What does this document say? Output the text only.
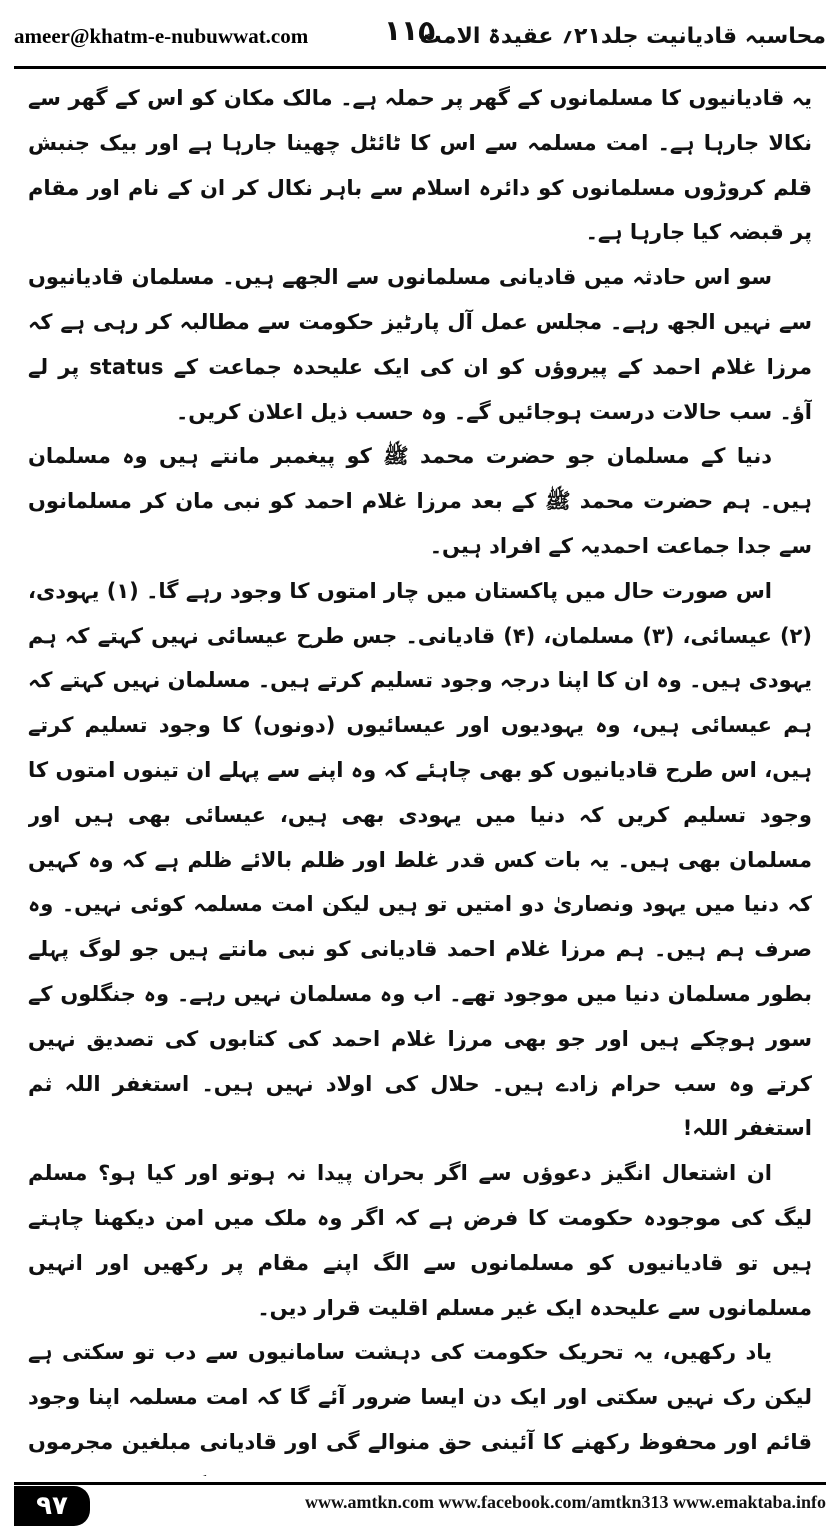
ameer@khatm-e-nubuwwat.com	۱۱۵
محاسبہ قادیانیت جلد۲۱؍ عقیدۃ الامت

یہ قادیانیوں کا مسلمانوں کے گھر پر حملہ ہے۔ مالک مکان کو اس کے گھر سے نکالا جارہا ہے۔ امت مسلمہ سے اس کا ٹائٹل چھینا جارہا ہے اور بیک جنبش قلم کروڑوں مسلمانوں کو دائرہ اسلام سے باہر نکال کر ان کے نام اور مقام پر قبضہ کیا جارہا ہے۔

سو اس حادثہ میں قادیانی مسلمانوں سے الجھے ہیں۔ مسلمان قادیانیوں سے نہیں الجھ رہے۔ مجلس عمل آل پارٹیز حکومت سے مطالبہ کر رہی ہے کہ مرزا غلام احمد کے پیروؤں کو ان کی ایک علیحدہ جماعت کے status پر لے آؤ۔ سب حالات درست ہوجائیں گے۔ وہ حسب ذیل اعلان کریں۔

دنیا کے مسلمان جو حضرت محمد ﷺ کو پیغمبر مانتے ہیں وہ مسلمان ہیں۔ ہم حضرت محمد ﷺ کے بعد مرزا غلام احمد کو نبی مان کر مسلمانوں سے جدا جماعت احمدیہ کے افراد ہیں۔

اس صورت حال میں پاکستان میں چار امتوں کا وجود رہے گا۔ (۱) یہودی، (۲) عیسائی، (۳) مسلمان، (۴) قادیانی۔ جس طرح عیسائی نہیں کہتے کہ ہم یہودی ہیں۔ وہ ان کا اپنا درجہ وجود تسلیم کرتے ہیں۔ مسلمان نہیں کہتے کہ ہم عیسائی ہیں، وہ یہودیوں اور عیسائیوں (دونوں) کا وجود تسلیم کرتے ہیں، اس طرح قادیانیوں کو بھی چاہئے کہ وہ اپنے سے پہلے ان تینوں امتوں کا وجود تسلیم کریں کہ دنیا میں یہودی بھی ہیں، عیسائی بھی ہیں اور مسلمان بھی ہیں۔ یہ بات کس قدر غلط اور ظلم بالائے ظلم ہے کہ وہ کہیں کہ دنیا میں یہود ونصاریٰ دو امتیں تو ہیں لیکن امت مسلمہ کوئی نہیں۔ وہ صرف ہم ہیں۔ ہم مرزا غلام احمد قادیانی کو نبی مانتے ہیں جو لوگ پہلے بطور مسلمان دنیا میں موجود تھے۔ اب وہ مسلمان نہیں رہے۔ وہ جنگلوں کے سور ہوچکے ہیں اور جو بھی مرزا غلام احمد کی کتابوں کی تصدیق نہیں کرتے وہ سب حرام زادے ہیں۔ حلال کی اولاد نہیں ہیں۔ استغفر اللہ ثم استغفر اللہ!

ان اشتعال انگیز دعوؤں سے اگر بحران پیدا نہ ہوتو اور کیا ہو؟ مسلم لیگ کی موجودہ حکومت کا فرض ہے کہ اگر وہ ملک میں امن دیکھنا چاہتے ہیں تو قادیانیوں کو مسلمانوں سے الگ اپنے مقام پر رکھیں اور انہیں مسلمانوں سے علیحدہ ایک غیر مسلم اقلیت قرار دیں۔

یاد رکھیں، یہ تحریک حکومت کی دہشت سامانیوں سے دب تو سکتی ہے لیکن رک نہیں سکتی اور ایک دن ایسا ضرور آئے گا کہ امت مسلمہ اپنا وجود قائم اور محفوظ رکھنے کا آئینی حق منوالے گی اور قادیانی مبلغین مجرموں

۹۷	www.amtkn.com www.facebook.com/amtkn313 www.emaktaba.info
